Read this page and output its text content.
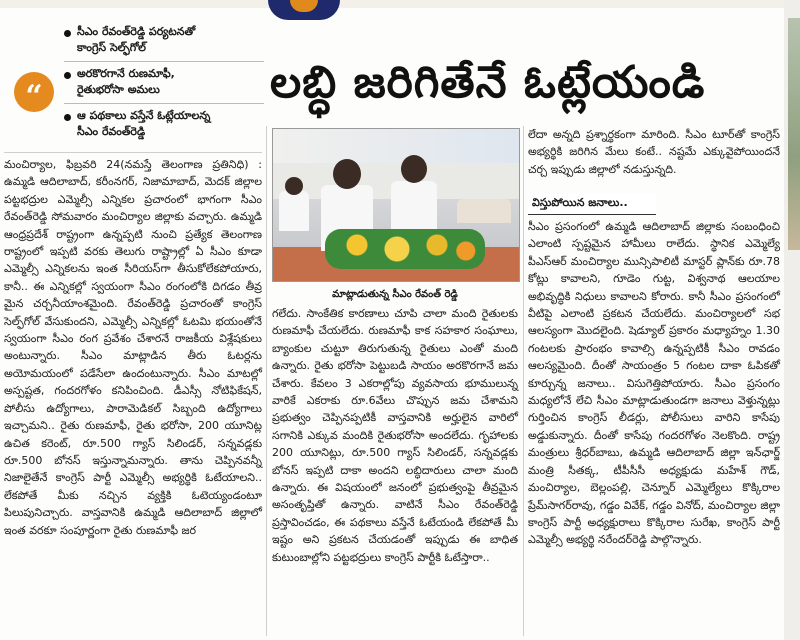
సీఎం రేవంత్‌రెడ్డి పర్యటనతో
కాంగ్రెస్ సెల్ఫ్‌గోల్
అరకొరగానే రుణమాఫీ,
రైతుభరోసా అమలు
ఆ పథకాలు వస్తేనే ఓట్లేయాలన్న
సీఎం రేవంత్‌రెడ్డి
“	లబ్ధి జరిగితేనే ఓట్లేయండి
మాట్లాడుతున్న సీఎం రేవంత్ రెడ్డి

మంచిర్యాల, ఫిబ్రవరి 24(నమస్తే తెలంగాణ ప్రతినిధి) : ఉమ్మడి ఆదిలాబాద్, కరీంనగర్, నిజామాబాద్, మెదక్ జిల్లాల పట్టభద్రుల ఎమ్మెల్సీ ఎన్నికల ప్రచారంలో భాగంగా సీఎం రేవంత్‌రెడ్డి సోమవారం మంచిర్యాల జిల్లాకు వచ్చారు. ఉమ్మడి ఆంధ్రప్రదేశ్ రాష్ట్రంగా ఉన్నప్పటి నుంచి ప్రత్యేక తెలంగాణ రాష్ట్రంలో ఇప్పటి వరకు తెలుగు రాష్ట్రాల్లో ఏ సీఎం కూడా ఎమ్మెల్సీ ఎన్నికలను ఇంత సీరియస్‌గా తీసుకోలేకపోయారు, కానీ.. ఈ ఎన్నికల్లో స్వయంగా సీఎం రంగంలోకి దిగడం తీవ్ర మైన చర్చనీయాంశమైంది. రేవంత్‌రెడ్డి ప్రచారంతో కాంగ్రెస్ సెల్ఫ్‌గోల్ వేసుకుందని, ఎమ్మెల్సీ ఎన్నికల్లో ఓటమి భయంతోనే స్వయంగా సీఎం రంగ ప్రవేశం చేశారనే రాజకీయ విశ్లేషకులు అంటున్నారు. సీఎం మాట్లాడిన తీరు ఓటర్లను అయోమయంలో పడేసేలా ఉందంటున్నారు. సీఎం మాటల్లో అస్పష్టత, గందరగోళం కనిపించింది. డీఎస్సీ నోటిఫికేషన్, పోలీసు ఉద్యోగాలు, పారామెడికల్ సిబ్బంది ఉద్యోగాలు ఇచ్చామని.. రైతు రుణమాఫీ, రైతు భరోసా, 200 యూనిట్ల ఉచిత కరెంట్, రూ.500 గ్యాస్ సిలిండర్, సన్నవడ్లకు రూ.500 బోనస్ ఇస్తున్నామన్నారు. తాను చెప్పినవన్నీ నిజాలైతేనే కాంగ్రెస్ పార్టీ ఎమ్మెల్సీ అభ్యర్థికి ఓటేయాలని.. లేకపోతే మీకు నచ్చిన వ్యక్తికి ఓటెయ్యండంటూ పిలుపునిచ్చారు. వాస్తవానికి ఉమ్మడి ఆదిలాబాద్ జిల్లాలో ఇంత వరకూ సంపూర్ణంగా రైతు రుణమాఫీ జర

గలేదు. సాంకేతిక కారణాలు చూపి చాలా మంది రైతులకు రుణమాఫీ చేయలేదు. రుణమాఫీ కాక సహకార సంఘాలు, బ్యాంకుల చుట్టూ తిరుగుతున్న రైతులు ఎంతో మంది ఉన్నారు. రైతు భరోసా పెట్టుబడి సాయం అరకొరగానే జమ చేశారు. కేవలం 3 ఎకరాల్లోపు వ్యవసాయ భూములున్న వారికే ఎకరాకు రూ.6వేలు చొప్పున జమ చేశామని ప్రభుత్వం చెప్పినప్పటికీ వాస్తవానికి అర్హులైన వారిలో సగానికి ఎక్కువ మందికి రైతుభరోసా అందలేదు. గృహాలకు 200 యూనిట్లు, రూ.500 గ్యాస్ సిలిండర్, సన్నవడ్లకు బోనస్ ఇప్పటి దాకా అందని లబ్ధిదారులు చాలా మంది ఉన్నారు. ఈ విషయంలో జనంలో ప్రభుత్వంపై తీవ్రమైన అసంతృప్తితో ఉన్నారు. వాటినే సీఎం రేవంత్‌రెడ్డి ప్రస్తావించడం, ఈ పథకాలు వస్తేనే ఓటేయండి లేకపోతే మీ ఇష్టం అని ప్రకటన చేయడంతో ఇప్పుడు ఈ బాధిత కుటుంబాల్లోని పట్టభద్రులు కాంగ్రెస్ పార్టీకి ఓటేస్తారా..

లేదా అన్నది ప్రశ్నార్థకంగా మారింది. సీఎం టూర్‌తో కాంగ్రెస్ అభ్యర్థికి జరిగిన మేలు కంటే.. నష్టమే ఎక్కువైపోయిందనే చర్చ ఇప్పుడు జిల్లాలో నడుస్తున్నది.

విస్తుపోయిన జనాలు..

సీఎం ప్రసంగంలో ఉమ్మడి ఆదిలాబాద్ జిల్లాకు సంబంధించి ఎలాంటి స్పష్టమైన హామీలు రాలేదు. స్థానిక ఎమ్మెల్యే పీఎస్‌ఆర్ మంచిర్యాల మున్సిపాలిటీ మాస్టర్ ప్లాన్‌కు రూ.78 కోట్లు కావాలని, గూడెం గుట్ట, విశ్వనాథ ఆలయాల అభివృద్ధికి నిధులు కావాలని కోరారు. కానీ సీఎం ప్రసంగంలో వీటిపై ఎలాంటి ప్రకటన చేయలేదు. మంచిర్యాలలో సభ ఆలస్యంగా మొదలైంది. షెడ్యూల్ ప్రకారం మధ్యాహ్నం 1.30 గంటలకు ప్రారంభం కావాల్సి ఉన్నప్పటికీ సీఎం రావడం ఆలస్యమైంది. దీంతో సాయంత్రం 5 గంటల దాకా ఓపికతో కూర్చున్న జనాలు.. విసుగెత్తిపోయారు. సీఎం ప్రసంగం మధ్యలోనే లేచి సీఎం మాట్లాడుతుండగా జనాలు వెళ్తున్నట్లు గుర్తించిన కాంగ్రెస్ లీడర్లు, పోలీసులు వారిని కాసేపు అడ్డుకున్నారు. దీంతో కాసేపు గందరగోళం నెలకొంది. రాష్ట్ర మంత్రులు శ్రీధర్‌బాబు, ఉమ్మడి ఆదిలాబాద్ జిల్లా ఇన్‌ఛార్జ్ మంత్రి సీతక్క, టీపీసీసీ అధ్యక్షుడు మహేశ్ గౌడ్, మంచిర్యాల, బెల్లంపల్లి, చెన్నూర్ ఎమ్మెల్యేలు కొక్కిరాల ప్రేమ్‌సాగర్‌రావు, గడ్డం వివేక్, గడ్డం వినోద్, మంచిర్యాల జిల్లా కాంగ్రెస్ పార్టీ అధ్యక్షురాలు కొక్కిరాల సురేఖ, కాంగ్రెస్ పార్టీ ఎమ్మెల్సీ అభ్యర్థి నరేందర్‌రెడ్డి పాల్గొన్నారు.
